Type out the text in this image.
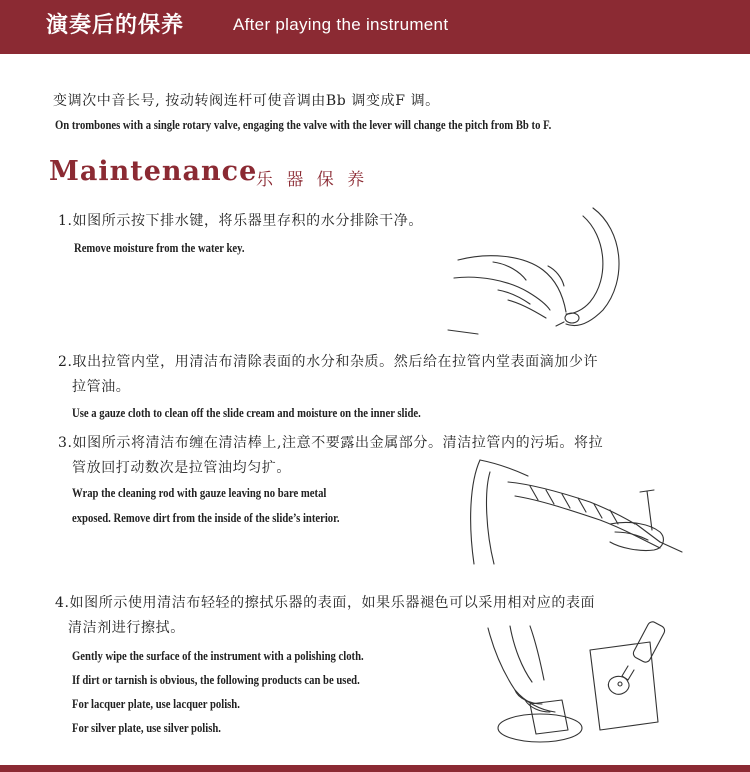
演奏后的保养	After playing the instrument
变调次中音长号, 按动转阀连杆可使音调由Bb 调变成F 调。
On trombones with a single rotary valve, engaging the valve with the lever will change the pitch from Bb to F.
Maintenance
乐 器 保 养
1.如图所示按下排水键，将乐器里存积的水分排除干净。
Remove moisture from the water key.
2.取出拉管内堂，用清洁布清除表面的水分和杂质。然后给在拉管内堂表面滴加少许
拉管油。
Use a gauze cloth to clean off the slide cream and moisture on the inner slide.
3.如图所示将清洁布缠在清洁棒上,注意不要露出金属部分。清洁拉管内的污垢。将拉
管放回打动数次是拉管油均匀扩。
Wrap the cleaning rod with gauze leaving no bare metal
exposed. Remove dirt from the inside of the slide’s interior.
4.如图所示使用清洁布轻轻的擦拭乐器的表面，如果乐器褪色可以采用相对应的表面
清洁剂进行擦拭。
Gently wipe the surface of the instrument with a polishing cloth.
If dirt or tarnish is obvious, the following products can be used.
For lacquer plate, use lacquer polish.
For silver plate, use silver polish.
